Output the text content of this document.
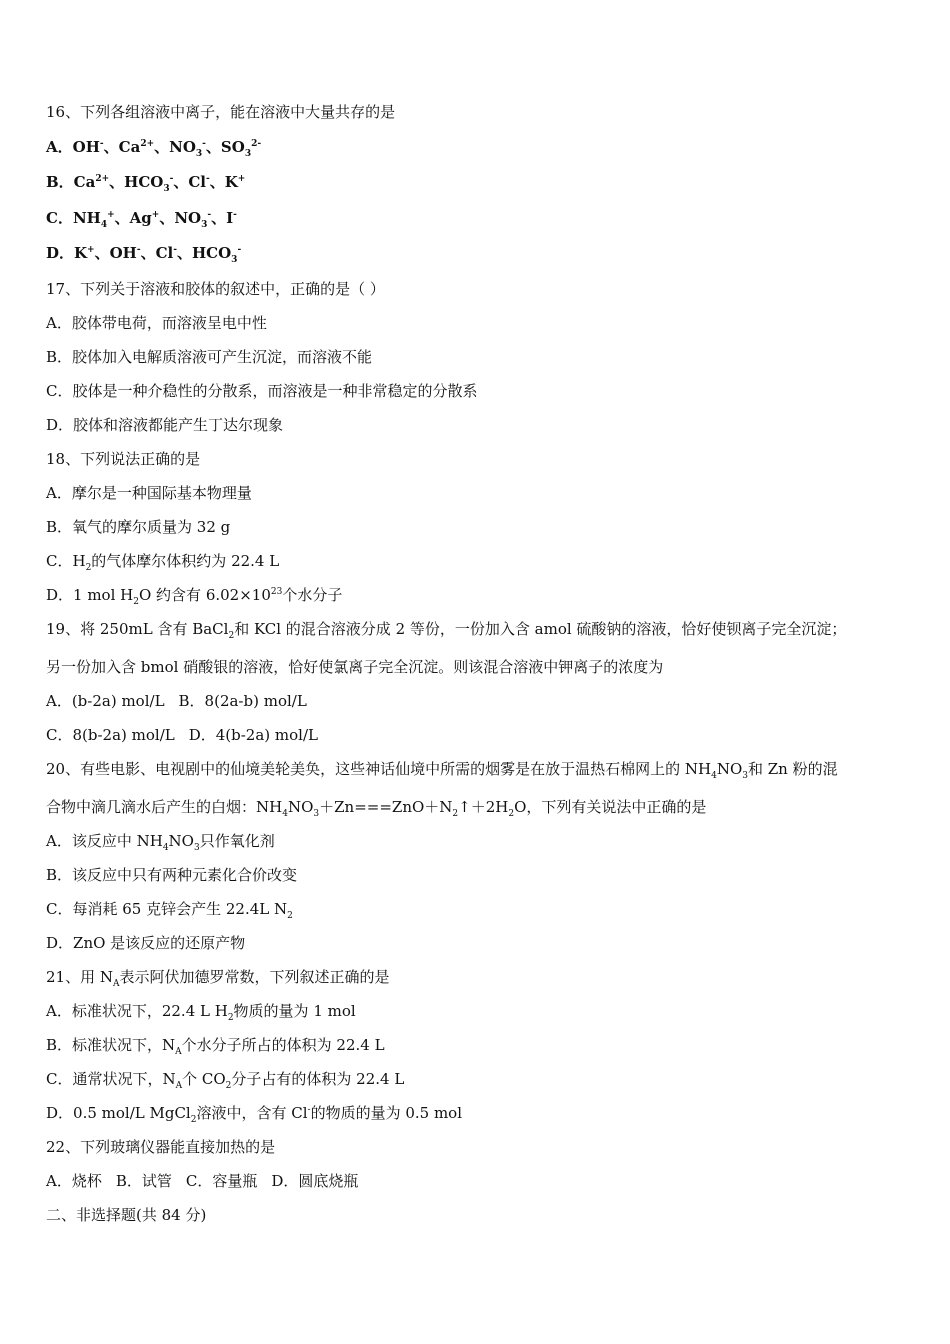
16、下列各组溶液中离子，能在溶液中大量共存的是
A．OH-、$Ca^{2+}$、$NO_3^-$、$SO_3^{2-}$
B．$Ca^{2+}$、$HCO_3^-$、Cl-、K+
C．$NH_4^+$、Ag+、$NO_3^-$、I-
D．K+、OH-、Cl-、$HCO_3^-$
17、下列关于溶液和胶体的叙述中，正确的是（ ）
A．胶体带电荷，而溶液呈电中性
B．胶体加入电解质溶液可产生沉淀，而溶液不能
C．胶体是一种介稳性的分散系，而溶液是一种非常稳定的分散系
D．胶体和溶液都能产生丁达尔现象
18、下列说法正确的是
A．摩尔是一种国际基本物理量
B．氧气的摩尔质量为 32 g
C．$H_2$的气体摩尔体积约为 22.4 L
D．1 mol $H_2O$ 约含有 $6.02\times 10^{23}$个水分子
19、将 250mL 含有 BaCl$_2$和 KCl 的混合溶液分成 2 等份，一份加入含 amol 硫酸钠的溶液，恰好使钡离子完全沉淀；
另一份加入含 bmol 硝酸银的溶液，恰好使氯离子完全沉淀。则该混合溶液中钾离子的浓度为
A．(b-2a) mol/L B．8(2a-b) mol/L
C．8(b-2a) mol/L D．4(b-2a) mol/L
20、有些电影、电视剧中的仙境美轮美奂，这些神话仙境中所需的烟雾是在放于温热石棉网上的 $NH_4NO_3$和 Zn 粉的混
合物中滴几滴水后产生的白烟：$NH_4NO_3+Zn===ZnO+N_2↑+2H_2O$，下列有关说法中正确的是
A．该反应中 $NH_4NO_3$只作氧化剂
B．该反应中只有两种元素化合价改变
C．每消耗 65 克锌会产生 22.4L $N_2$
D．ZnO 是该反应的还原产物
21、用 $N_A$表示阿伏加德罗常数，下列叙述正确的是
A．标准状况下，22.4 L $H_2$物质的量为 1 mol
B．标准状况下，$N_A$个水分子所占的体积为 22.4 L
C．通常状况下，$N_A$个 $CO_2$分子占有的体积为 22.4 L
D．0.5 mol/L MgCl$_2$溶液中，含有 Cl-的物质的量为 0.5 mol
22、下列玻璃仪器能直接加热的是
A．烧杯 B．试管 C．容量瓶 D．圆底烧瓶
二、非选择题(共 84 分)
